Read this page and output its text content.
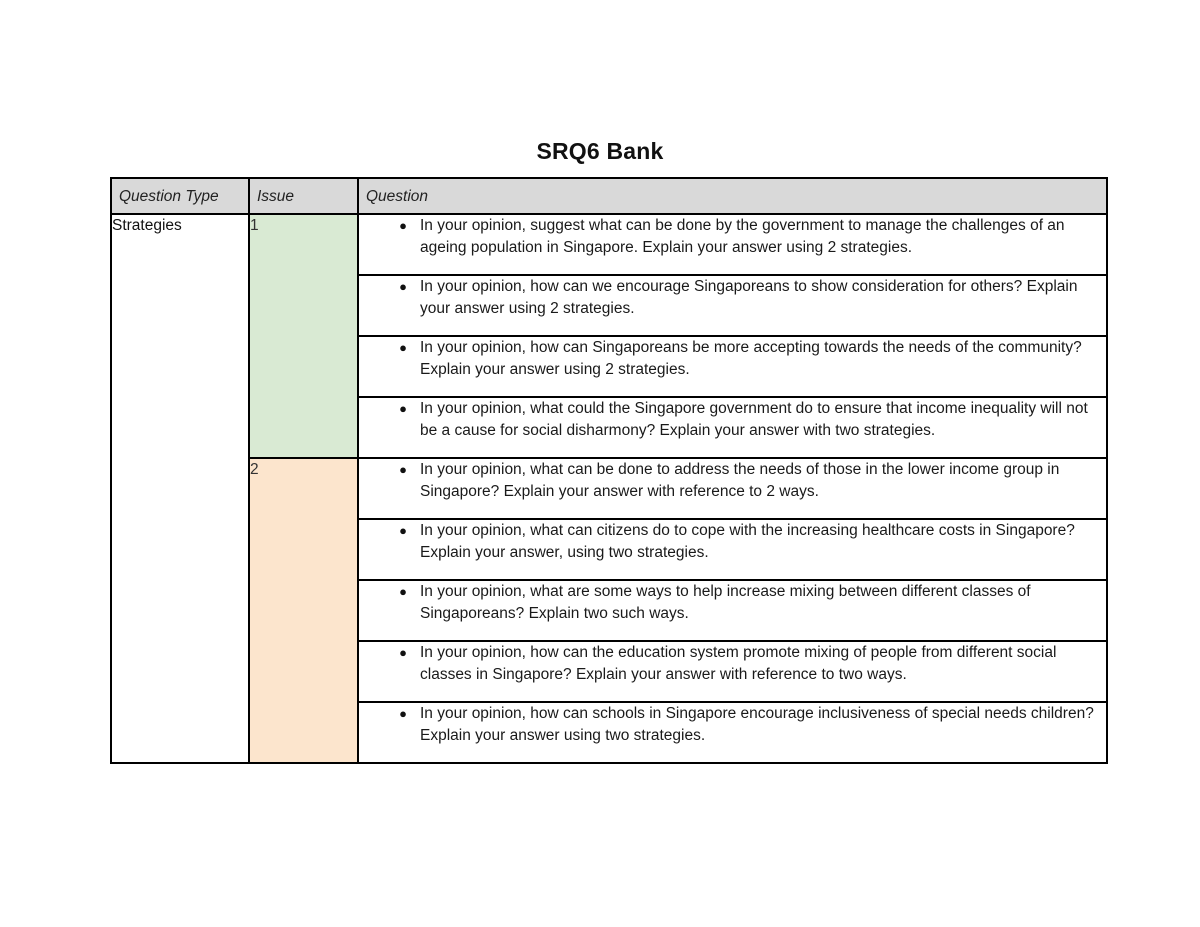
SRQ6 Bank
Question Type	Issue	Question
Strategies	1	● In your opinion, suggest what can be done by the government to manage the challenges of an ageing population in Singapore. Explain your answer using 2 strategies.

		● In your opinion, how can we encourage Singaporeans to show consideration for others? Explain your answer using 2 strategies.

		● In your opinion, how can Singaporeans be more accepting towards the needs of the community? Explain your answer using 2 strategies.

		● In your opinion, what could the Singapore government do to ensure that income inequality will not be a cause for social disharmony? Explain your answer with two strategies.

	2	● In your opinion, what can be done to address the needs of those in the lower income group in Singapore? Explain your answer with reference to 2 ways.

		● In your opinion, what can citizens do to cope with the increasing healthcare costs in Singapore? Explain your answer, using two strategies.

		● In your opinion, what are some ways to help increase mixing between different classes of Singaporeans? Explain two such ways.

		● In your opinion, how can the education system promote mixing of people from different social classes in Singapore? Explain your answer with reference to two ways.

		● In your opinion, how can schools in Singapore encourage inclusiveness of special needs children? Explain your answer using two strategies.
